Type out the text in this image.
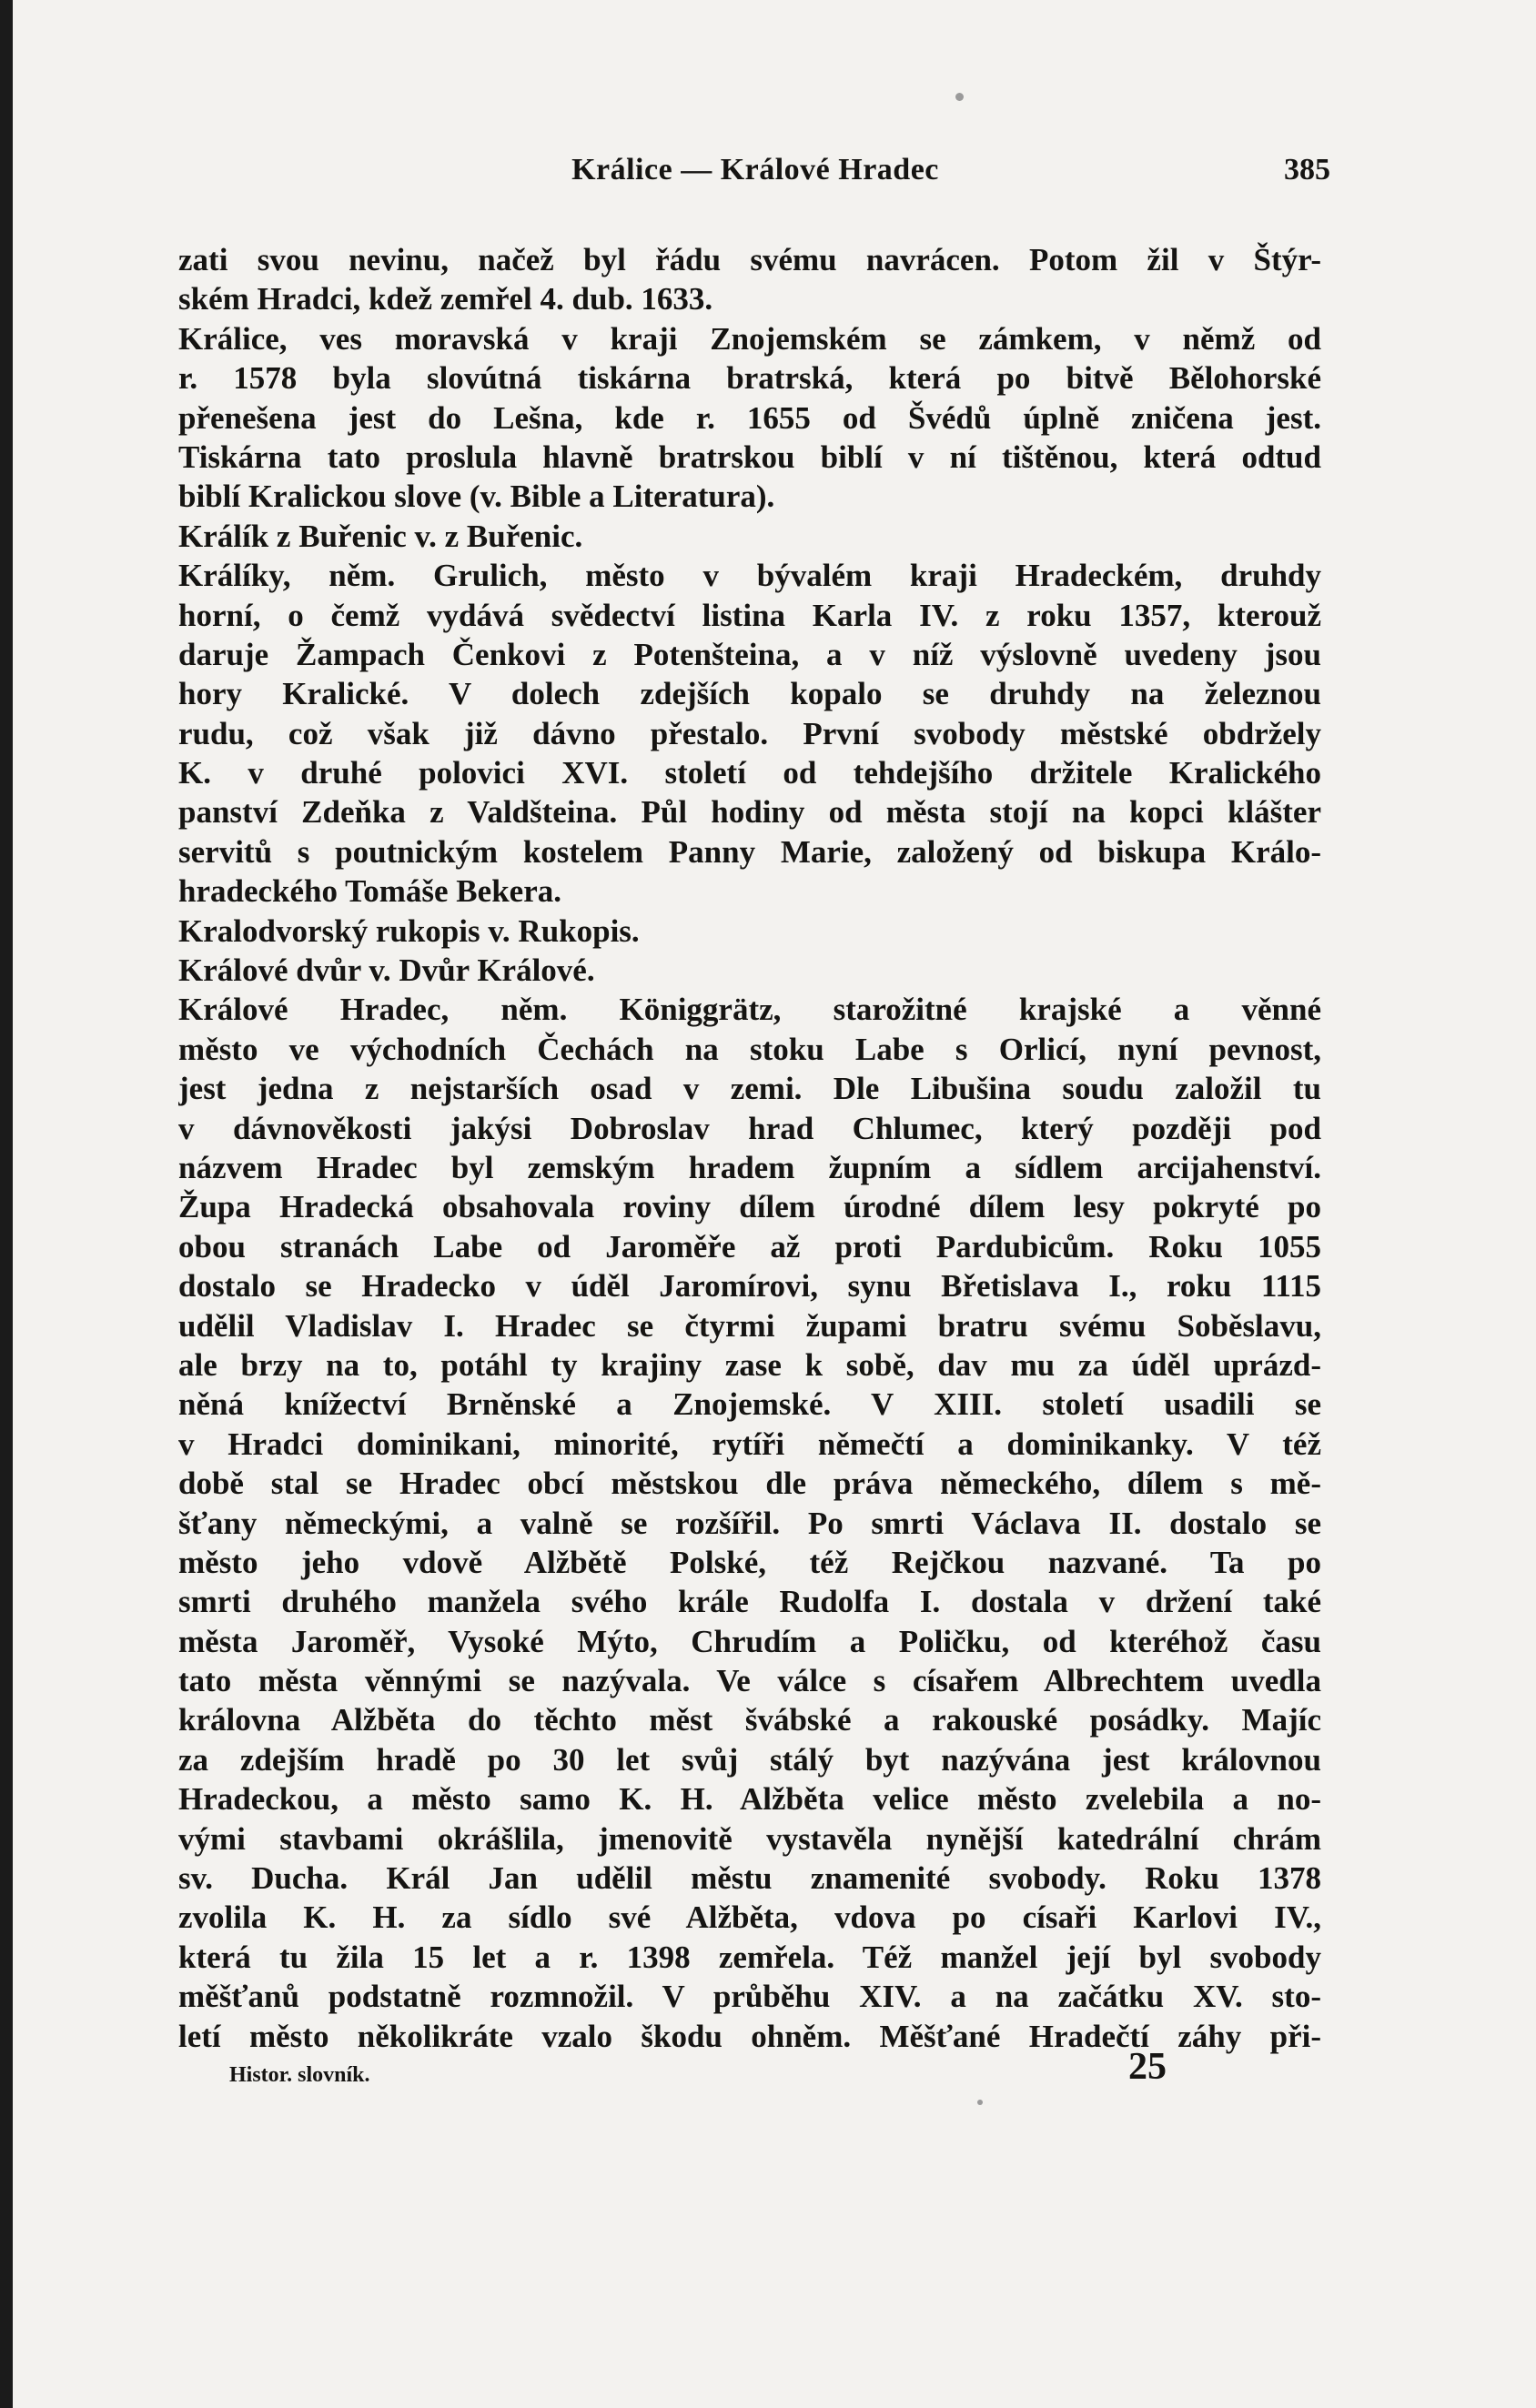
Králice — Králové Hradec	385
zati svou nevinu, načež byl řádu svému navrácen. Potom žil v Štýr-
ském Hradci, kdež zemřel 4. dub. 1633.
Králice, ves moravská v kraji Znojemském se zámkem, v němž od
r. 1578 byla slovútná tiskárna bratrská, která po bitvě Bělohorské
přenešena jest do Lešna, kde r. 1655 od Švédů úplně zničena jest.
Tiskárna tato proslula hlavně bratrskou biblí v ní tištěnou, která odtud
biblí Kralickou slove (v. Bible a Literatura).
Králík z Buřenic v. z Buřenic.
Králíky, něm. Grulich, město v bývalém kraji Hradeckém, druhdy
horní, o čemž vydává svědectví listina Karla IV. z roku 1357, kterouž
daruje Žampach Čenkovi z Potenšteina, a v níž výslovně uvedeny jsou
hory Kralické. V dolech zdejších kopalo se druhdy na železnou
rudu, což však již dávno přestalo. První svobody městské obdržely
K. v druhé polovici XVI. století od tehdejšího držitele Kralického
panství Zdeňka z Valdšteina. Půl hodiny od města stojí na kopci klášter
servitů s poutnickým kostelem Panny Marie, založený od biskupa Králo-
hradeckého Tomáše Bekera.
Kralodvorský rukopis v. Rukopis.
Králové dvůr v. Dvůr Králové.
Králové Hradec, něm. Königgrätz, starožitné krajské a věnné
město ve východních Čechách na stoku Labe s Orlicí, nyní pevnost,
jest jedna z nejstarších osad v zemi. Dle Libušina soudu založil tu
v dávnověkosti jakýsi Dobroslav hrad Chlumec, který později pod
názvem Hradec byl zemským hradem župním a sídlem arcijahenství.
Župa Hradecká obsahovala roviny dílem úrodné dílem lesy pokryté po
obou stranách Labe od Jaroměře až proti Pardubicům. Roku 1055
dostalo se Hradecko v úděl Jaromírovi, synu Břetislava I., roku 1115
udělil Vladislav I. Hradec se čtyrmi župami bratru svému Soběslavu,
ale brzy na to, potáhl ty krajiny zase k sobě, dav mu za úděl uprázd-
něná knížectví Brněnské a Znojemské. V XIII. století usadili se
v Hradci dominikani, minorité, rytíři němečtí a dominikanky. V též
době stal se Hradec obcí městskou dle práva německého, dílem s mě-
šťany německými, a valně se rozšířil. Po smrti Václava II. dostalo se
město jeho vdově Alžbětě Polské, též Rejčkou nazvané. Ta po
smrti druhého manžela svého krále Rudolfa I. dostala v držení také
města Jaroměř, Vysoké Mýto, Chrudím a Poličku, od kteréhož času
tato města věnnými se nazývala. Ve válce s císařem Albrechtem uvedla
královna Alžběta do těchto měst švábské a rakouské posádky. Majíc
za zdejším hradě po 30 let svůj stálý byt nazývána jest královnou
Hradeckou, a město samo K. H. Alžběta velice město zvelebila a no-
vými stavbami okrášlila, jmenovitě vystavěla nynější katedrální chrám
sv. Ducha. Král Jan udělil městu znamenité svobody. Roku 1378
zvolila K. H. za sídlo své Alžběta, vdova po císaři Karlovi IV.,
která tu žila 15 let a r. 1398 zemřela. Též manžel její byl svobody
měšťanů podstatně rozmnožil. V průběhu XIV. a na začátku XV. sto-
letí město několikráte vzalo škodu ohněm. Měšťané Hradečtí záhy při-
Histor. slovník.	25
